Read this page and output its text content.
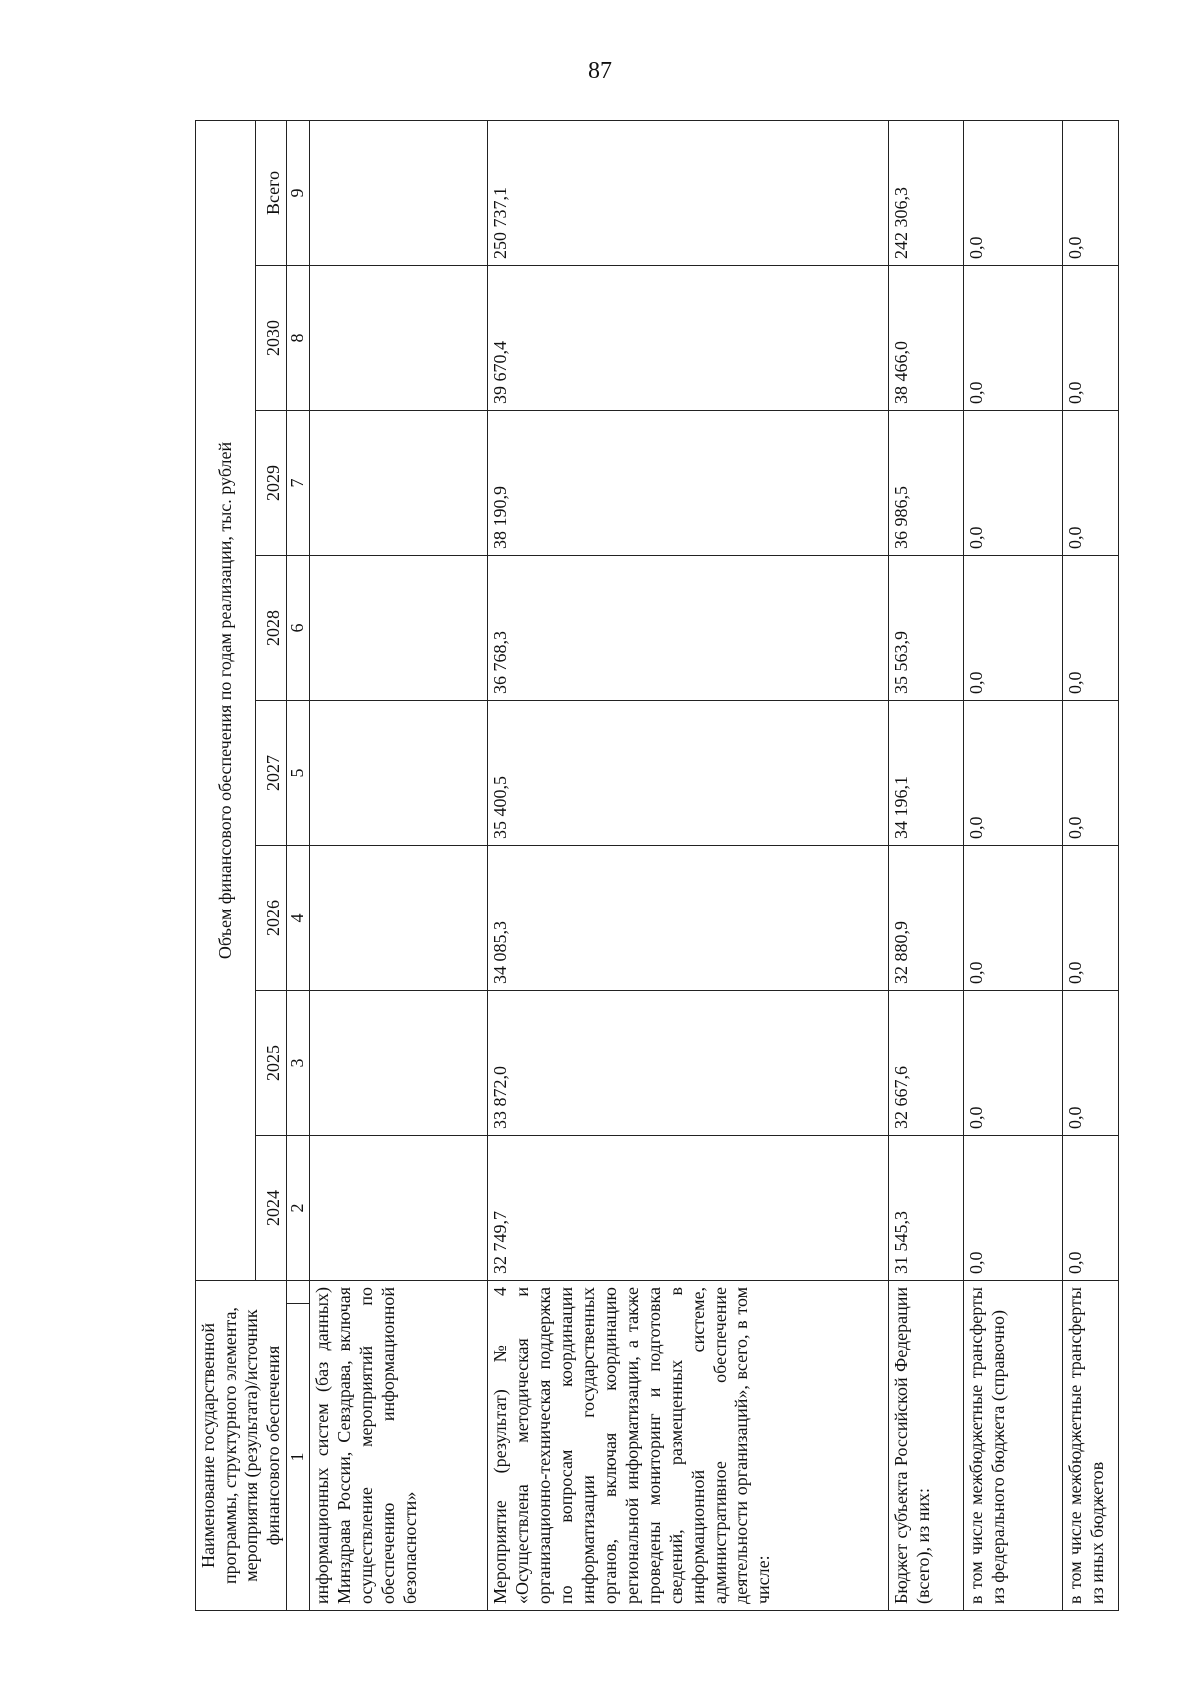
87
Наименование государственной программы, структурного элемента, мероприятия (результата)/источник финансового обеспечения	Объем финансового обеспечения по годам реализации, тыс. рублей							
	2024	2025	2026	2027	2028	2029	2030	Всего

1	2	3	4	5	6	7	8	9
информационных систем (баз данных) Минздрава России, Севздрава, включая осуществление мероприятий по обеспечению информационной безопасности»								
Мероприятие (результат) № 4 «Осуществлена методическая и организационно-техническая поддержка по вопросам координации информатизации государственных органов, включая координацию региональной информатизации, а также проведены мониторинг и подготовка сведений, размещенных в информационной системе, административное обеспечение деятельности организаций», всего, в том числе:	32 749,7	33 872,0	34 085,3	35 400,5	36 768,3	38 190,9	39 670,4	250 737,1
Бюджет субъекта Российской Федерации (всего), из них:	31 545,3	32 667,6	32 880,9	34 196,1	35 563,9	36 986,5	38 466,0	242 306,3
в том числе межбюджетные трансферты из федерального бюджета (справочно)	0,0	0,0	0,0	0,0	0,0	0,0	0,0	0,0
в том числе межбюджетные трансферты из иных бюджетов	0,0	0,0	0,0	0,0	0,0	0,0	0,0	0,0
